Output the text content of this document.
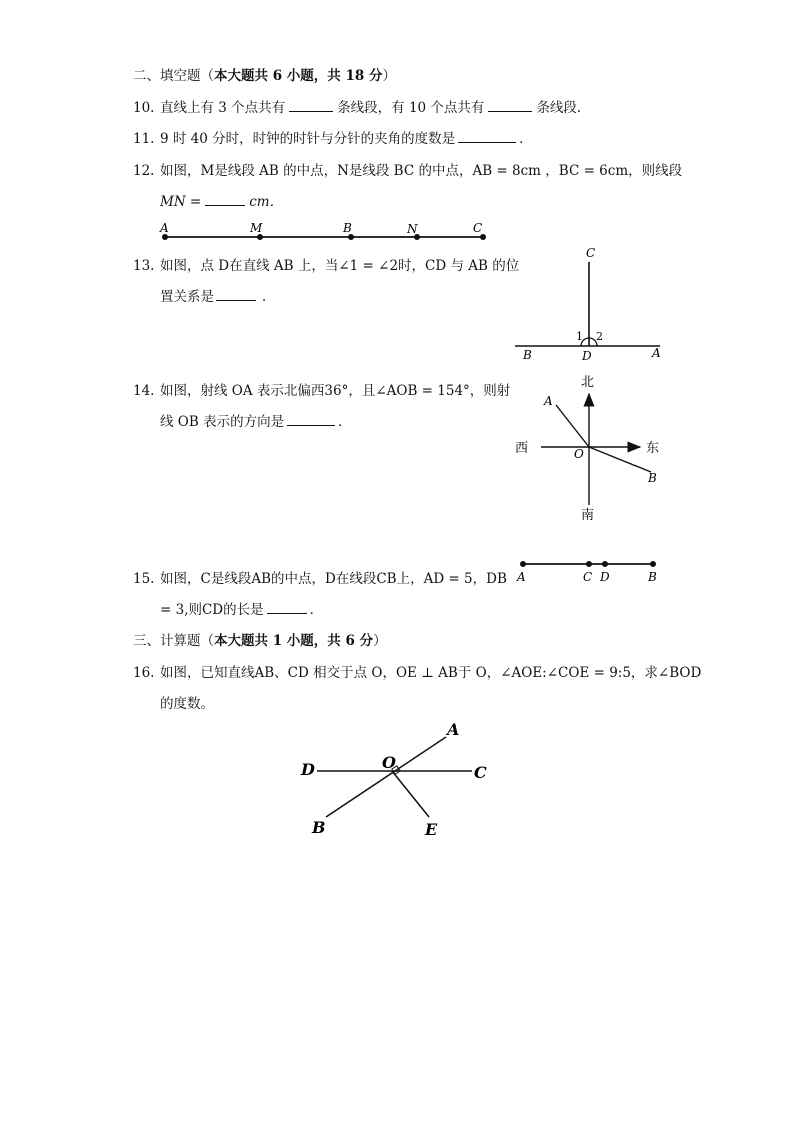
二、填空题（本大题共 6 小题，共 18 分）
10. 直线上有 3 个点共有	条线段，有 10 个点共有	条线段．
11. 9 时 40 分时，时钟的时针与分针的夹角的度数是	．
12. 如图，M是线段 AB 的中点，N是线段 BC 的中点，AB = 8cm ，BC = 6cm，则线段
MN =	cm．
A	M	B	N	C
13. 如图，点 D在直线 AB 上，当∠1 = ∠2时，CD 与 AB 的位
置关系是	．
C
B	D	A
1 2
14. 如图，射线 OA 表示北偏西36°，且∠AOB = 154°，则射
线 OB 表示的方向是	．
北
南
西	东
A
B
O
15. 如图，C是线段AB的中点，D在线段CB上，AD = 5，DB
= 3,则CD的长是	．
A	C D	B
三、计算题（本大题共 1 小题，共 6 分）
16. 如图，已知直线AB、CD 相交于点 O，OE ⊥ AB于 O，∠AOE:∠COE = 9:5，求∠BOD
的度数。
A
B
C
D
E
O
